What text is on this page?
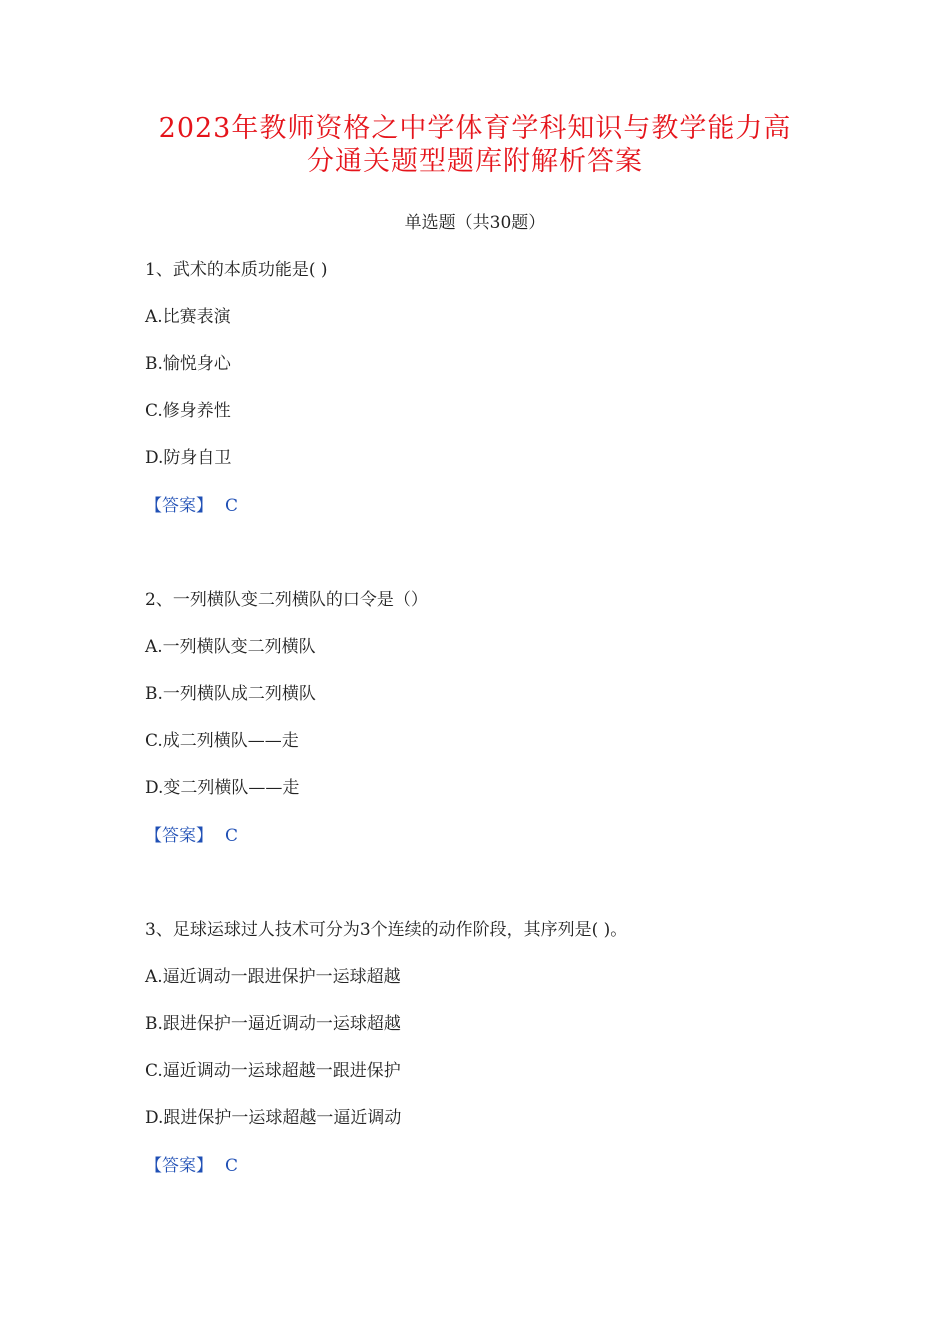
2023年教师资格之中学体育学科知识与教学能力高
分通关题型题库附解析答案
单选题（共30题）
1、武术的本质功能是( )
A.比赛表演
B.愉悦身心
C.修身养性
D.防身自卫
【答案】 C
2、一列横队变二列横队的口令是（）
A.一列横队变二列横队
B.一列横队成二列横队
C.成二列横队——走
D.变二列横队——走
【答案】 C
3、足球运球过人技术可分为3个连续的动作阶段，其序列是( )。
A.逼近调动一跟进保护一运球超越
B.跟进保护一逼近调动一运球超越
C.逼近调动一运球超越一跟进保护
D.跟进保护一运球超越一逼近调动
【答案】 C
